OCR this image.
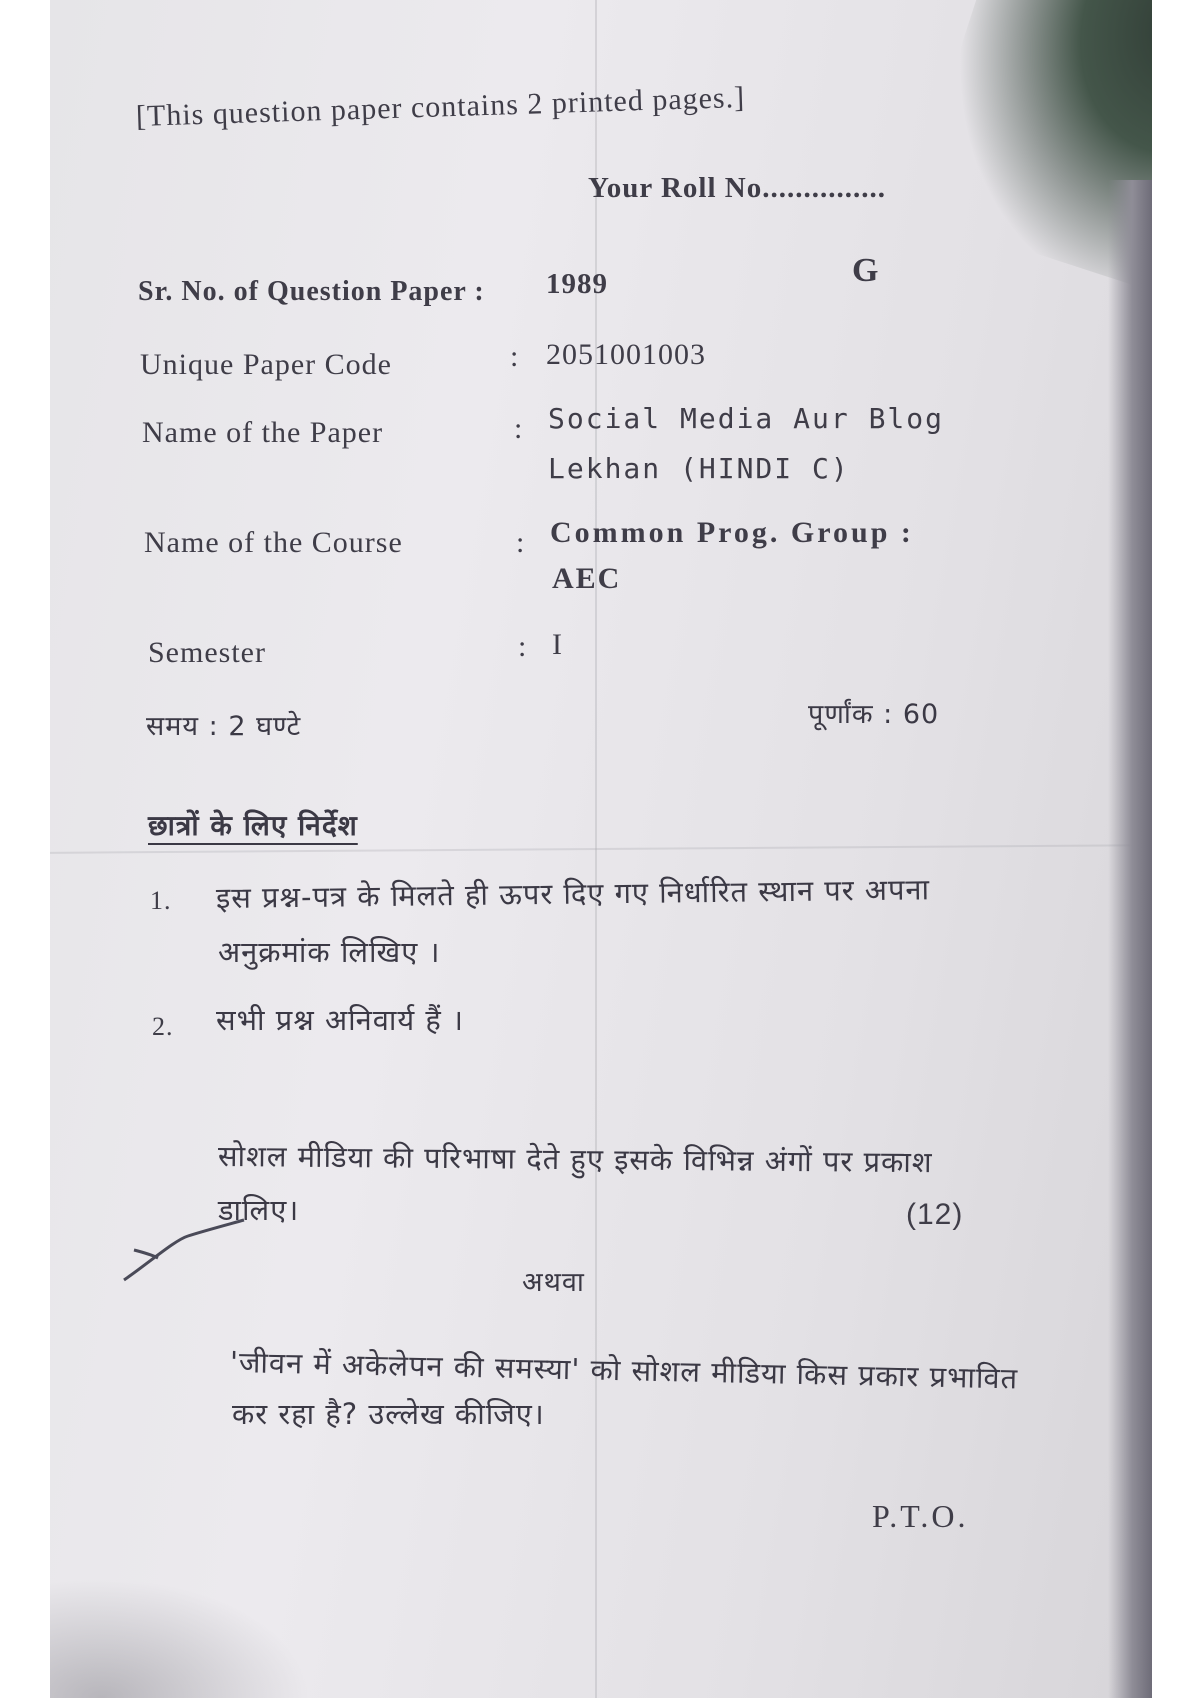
[This question paper contains 2 printed pages.]
Your Roll No...............
G
Sr. No. of Question Paper : 1989
Unique Paper Code	: 2051001003
Name of the Paper	: Social Media Aur Blog
Lekhan (HINDI C)
Name of the Course	: Common Prog. Group :
AEC
Semester	: I
समय : 2 घण्टे	पूर्णांक : 60
छात्रों के लिए निर्देश
1. इस प्रश्न-पत्र के मिलते ही ऊपर दिए गए निर्धारित स्थान पर अपना
अनुक्रमांक लिखिए ।
2. सभी प्रश्न अनिवार्य हैं ।
सोशल मीडिया की परिभाषा देते हुए इसके विभिन्न अंगों पर प्रकाश
डालिए।	(12)
अथवा
'जीवन में अकेलेपन की समस्या' को सोशल मीडिया किस प्रकार प्रभावित
कर रहा है? उल्लेख कीजिए।
P.T.O.
